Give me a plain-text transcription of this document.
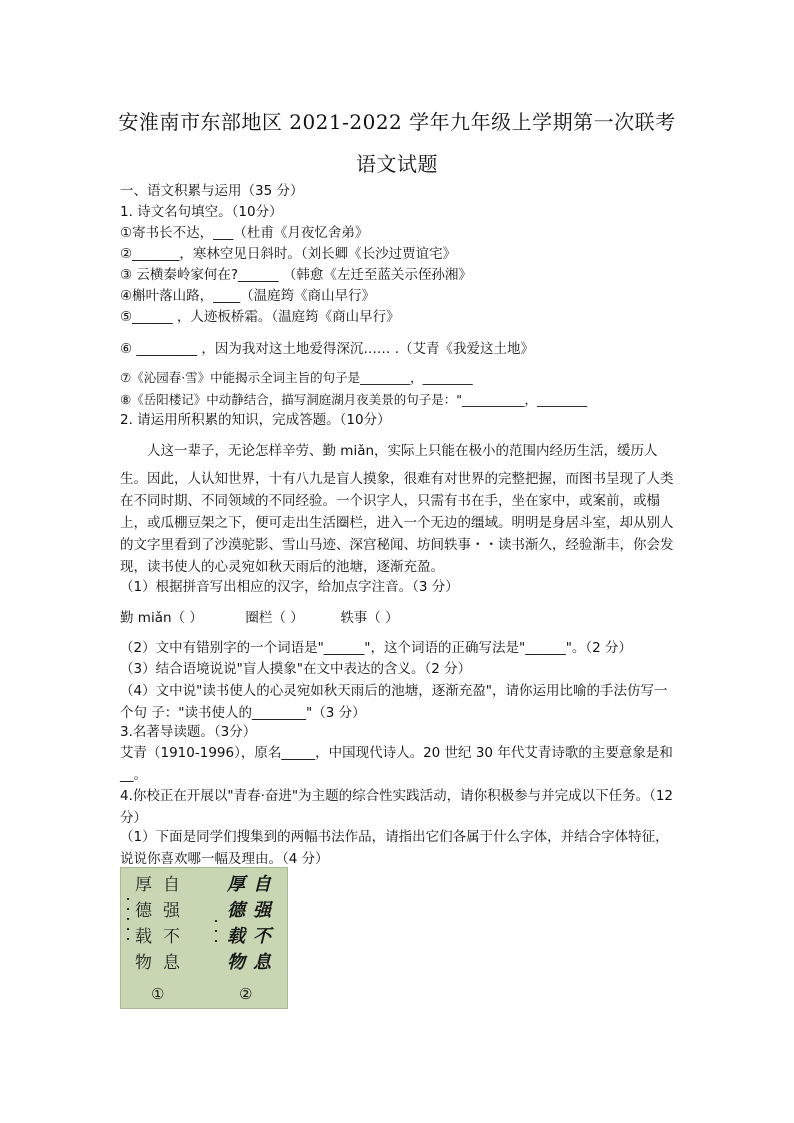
安淮南市东部地区 2021-2022 学年九年级上学期第一次联考
语文试题
一、语文积累与运用（35 分）
1. 诗文名句填空。（10分）
①寄书长不达，___（杜甫《月夜忆舍弟》
②_______，寒林空见日斜时。（刘长卿《长沙过贾谊宅》
③ 云横秦岭家何在?______ （韩愈《左迁至蓝关示侄孙湘》
④槲叶落山路，____（温庭筠《商山早行》
⑤______ ，人迹板桥霜。（温庭筠《商山早行》
⑥ _________ ，因为我对这土地爱得深沉…… .（艾青《我爱这土地》
⑦《沁园春·雪》中能揭示全词主旨的句子是________，________
⑧《岳阳楼记》中动静结合，描写洞庭湖月夜美景的句子是："__________，________
2. 请运用所积累的知识，完成答题。（10分）

人这一辈子，无论怎样辛劳、勤 miǎn，实际上只能在极小的范围内经历生活，缓历人

生。因此，人认知世界，十有八九是盲人摸象，很难有对世界的完整把握，而图书呈现了人类在不同时期、不同领域的不同经验。一个识字人，只需有书在手，坐在家中，或案前，或榻上，或瓜棚豆架之下，便可走出生活圈栏，进入一个无边的缰域。明明是身居斗室，却从别人的文字里看到了沙漠驼影、雪山马迹、深宫秘闻、坊间轶事・・读书渐久，经验渐丰，你会发现，读书使人的心灵宛如秋天雨后的池塘，逐渐充盈。

（1）根据拼音写出相应的汉字，给加点字注音。（3 分）
勤 miǎn（ ）	圈栏（ ）	轶事（ ）
（2）文中有错别字的一个词语是"______"，这个词语的正确写法是"______"。（2 分）
（3）结合语境说说"盲人摸象"在文中表达的含义。（2 分）
（4）文中说"读书使人的心灵宛如秋天雨后的池塘，逐渐充盈"，请你运用比喻的手法仿写一个句 子："读书使人的________"（3 分）
3.名著导读题。（3分）
艾青（1910-1996），原名_____，中国现代诗人。20 世纪 30 年代艾青诗歌的主要意象是和__。
4.你校正在开展以"青春·奋进"为主题的综合性实践活动，请你积极参与并完成以下任务。（12 分）
（1）下面是同学们搜集到的两幅书法作品，请指出它们各属于什么字体，并结合字体特征，说说你喜欢哪一幅及理由。（4 分）
自
强
不
息
厚
德
载
物
①
自
强
不
息
厚
德
载
物
②
